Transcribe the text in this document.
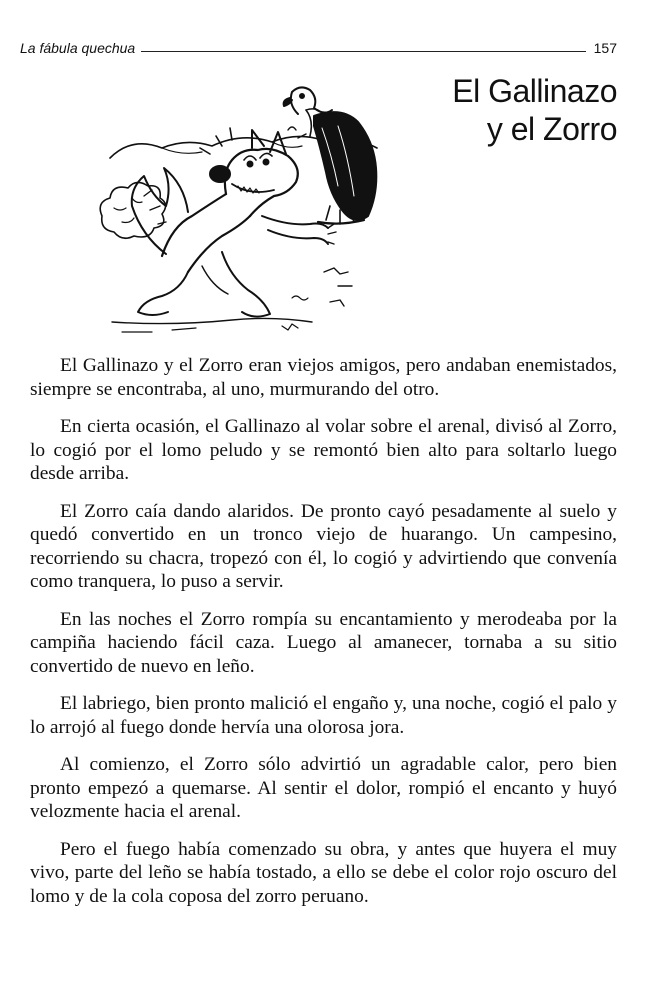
La fábula quechua	157
El Gallinazo
y el Zorro

El Gallinazo y el Zorro eran viejos amigos, pero andaban enemistados, siempre se encontraba, al uno, murmurando del otro.

En cierta ocasión, el Gallinazo al volar sobre el arenal, divisó al Zorro, lo cogió por el lomo peludo y se remontó bien alto para soltarlo luego desde arriba.

El Zorro caía dando alaridos. De pronto cayó pesadamente al suelo y quedó convertido en un tronco viejo de huarango. Un campesino, recorriendo su chacra, tropezó con él, lo cogió y advirtiendo que convenía como tranquera, lo puso a servir.

En las noches el Zorro rompía su encantamiento y merodeaba por la campiña haciendo fácil caza. Luego al amanecer, tornaba a su sitio convertido de nuevo en leño.

El labriego, bien pronto malició el engaño y, una noche, cogió el palo y lo arrojó al fuego donde hervía una olorosa jora.

Al comienzo, el Zorro sólo advirtió un agradable calor, pero bien pronto empezó a quemarse. Al sentir el dolor, rompió el encanto y huyó velozmente hacia el arenal.

Pero el fuego había comenzado su obra, y antes que huyera el muy vivo, parte del leño se había tostado, a ello se debe el color rojo oscuro del lomo y de la cola coposa del zorro peruano.
